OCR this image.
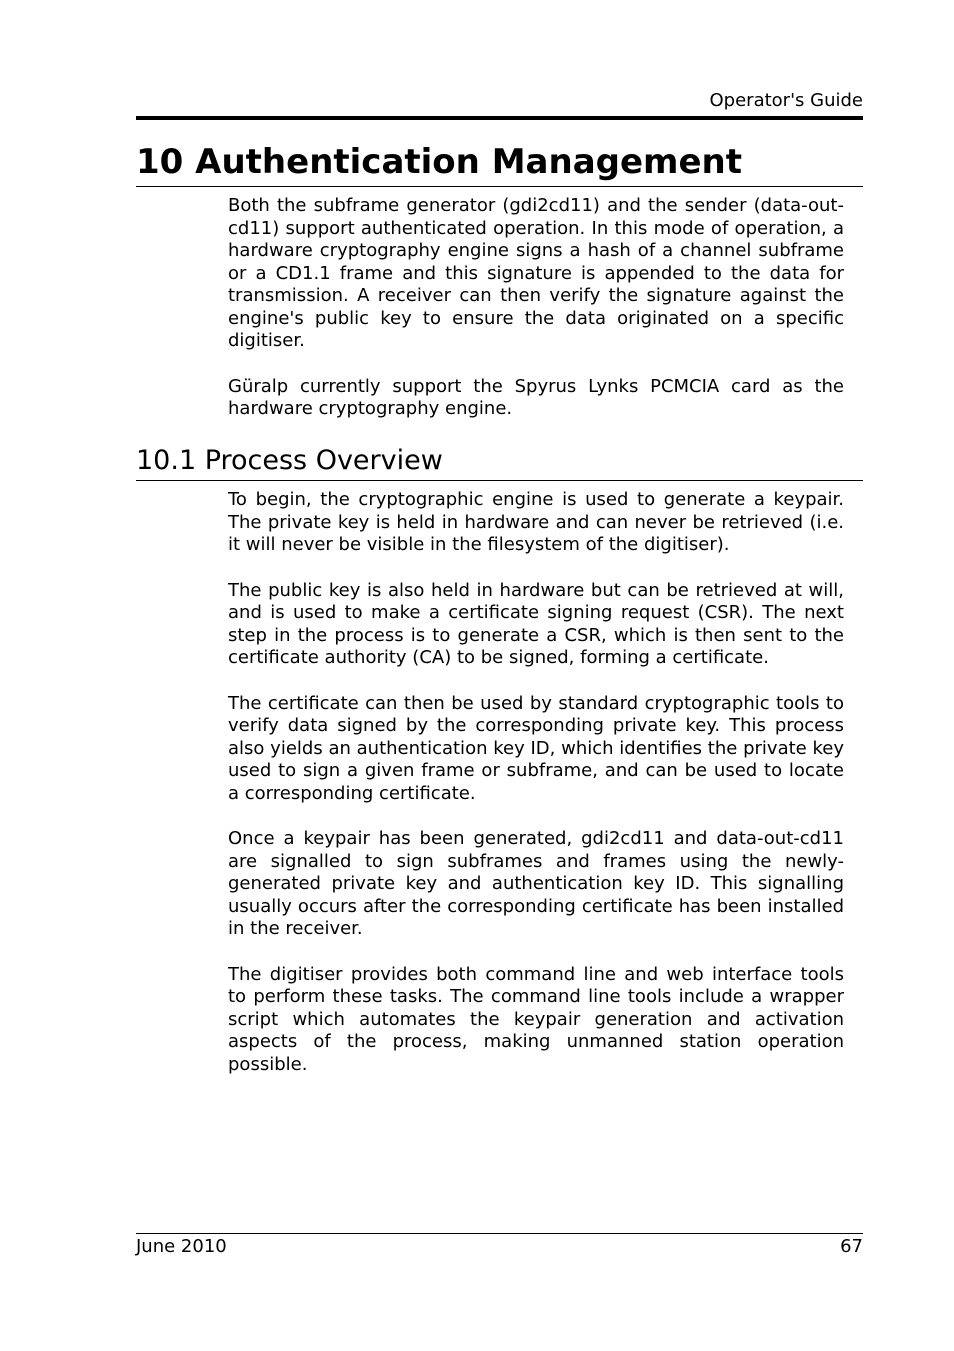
Operator's Guide
10 Authentication Management

Both the subframe generator (gdi2cd11) and the sender (data-out-cd11) support authenticated operation. In this mode of operation, a hardware cryptography engine signs a hash of a channel subframe or a CD1.1 frame and this signature is appended to the data for transmission. A receiver can then verify the signature against the engine's public key to ensure the data originated on a specific digitiser.

Güralp currently support the Spyrus Lynks PCMCIA card as the hardware cryptography engine.

10.1 Process Overview

To begin, the cryptographic engine is used to generate a keypair. The private key is held in hardware and can never be retrieved (i.e. it will never be visible in the filesystem of the digitiser).

The public key is also held in hardware but can be retrieved at will, and is used to make a certificate signing request (CSR). The next step in the process is to generate a CSR, which is then sent to the certificate authority (CA) to be signed, forming a certificate.

The certificate can then be used by standard cryptographic tools to verify data signed by the corresponding private key. This process also yields an authentication key ID, which identifies the private key used to sign a given frame or subframe, and can be used to locate a corresponding certificate.

Once a keypair has been generated, gdi2cd11 and data-out-cd11 are signalled to sign subframes and frames using the newly-generated private key and authentication key ID. This signalling usually occurs after the corresponding certificate has been installed in the receiver.

The digitiser provides both command line and web interface tools to perform these tasks. The command line tools include a wrapper script which automates the keypair generation and activation aspects of the process, making unmanned station operation possible.

June 2010	67
